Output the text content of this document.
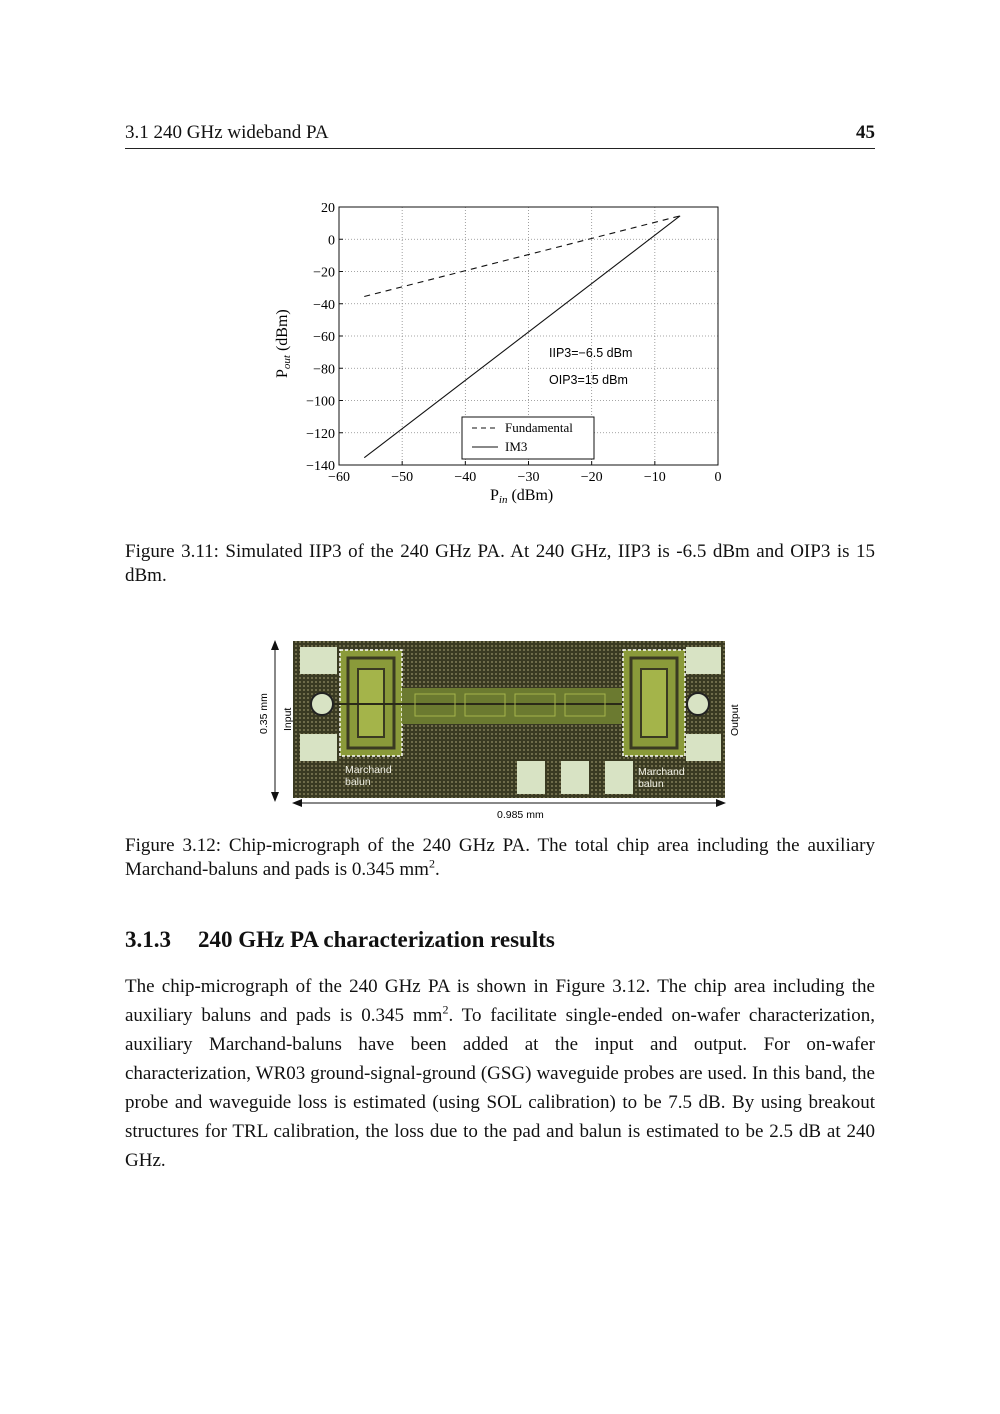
3.1 240 GHz wideband PA	45
−60	−50	−40	−30	−20	−10	0
20
0
−20
−40
−60
−80
−100
−120
−140
IIP3=−6.5 dBm
OIP3=15 dBm
Fundamental
IM3
Pin (dBm)
Pout (dBm)
Figure 3.11: Simulated IIP3 of the 240 GHz PA. At 240 GHz, IIP3 is -6.5 dBm and OIP3 is 15 dBm.
0.35 mm Input	Output
Marchand balun
Marchand balun
0.985 mm
Figure 3.12: Chip-micrograph of the 240 GHz PA. The total chip area including the auxiliary Marchand-baluns and pads is 0.345 $mm^2$.
3.1.3 240 GHz PA characterization results
The chip-micrograph of the 240 GHz PA is shown in Figure 3.12. The chip area including the auxiliary baluns and pads is 0.345 $mm^2$. To facilitate single-ended on-wafer characterization, auxiliary Marchand-baluns have been added at the input and output. For on-wafer characterization, WR03 ground-signal-ground (GSG) waveguide probes are used. In this band, the probe and waveguide loss is estimated (using SOL calibration) to be 7.5 dB. By using breakout structures for TRL calibration, the loss due to the pad and balun is estimated to be 2.5 dB at 240 GHz.
